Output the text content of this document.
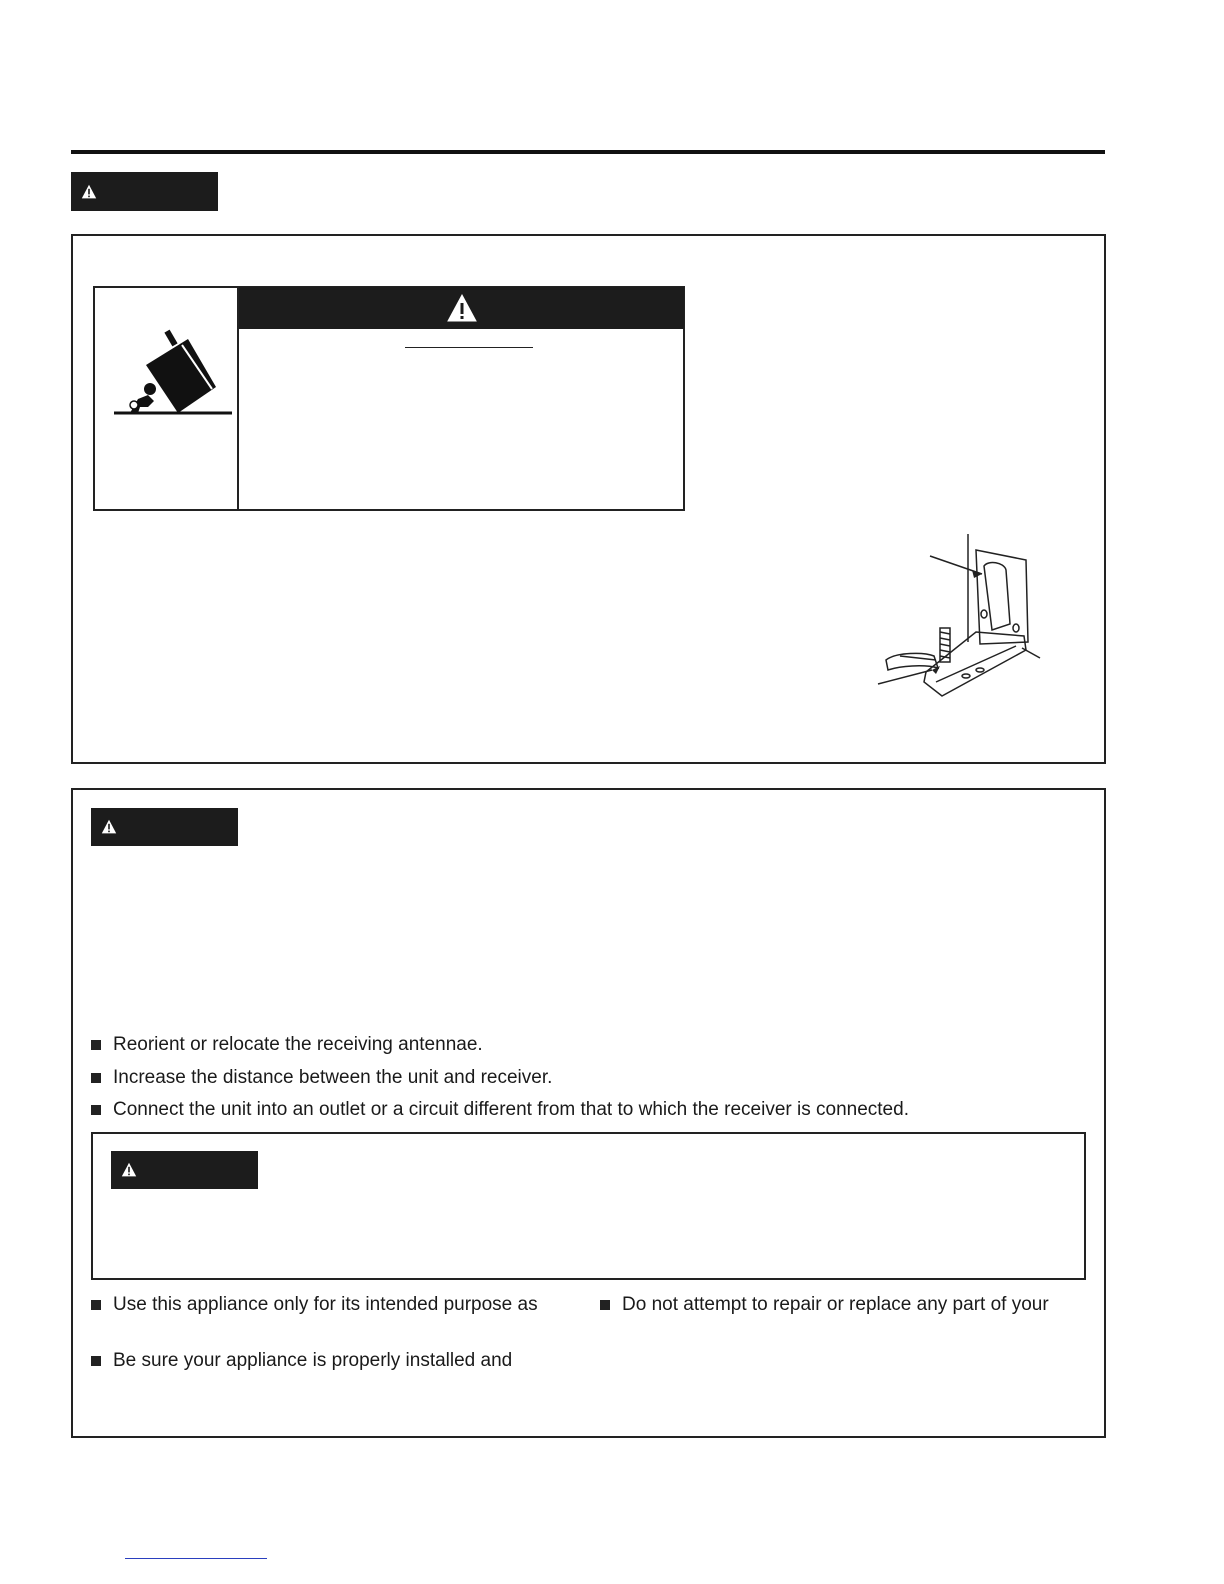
Reorient or relocate the receiving antennae.
Increase the distance between the unit and receiver.
Connect the unit into an outlet or a circuit different from that to which the receiver is connected.
Use this appliance only for its intended purpose as	Do not attempt to repair or replace any part of your
Be sure your appliance is properly installed and
